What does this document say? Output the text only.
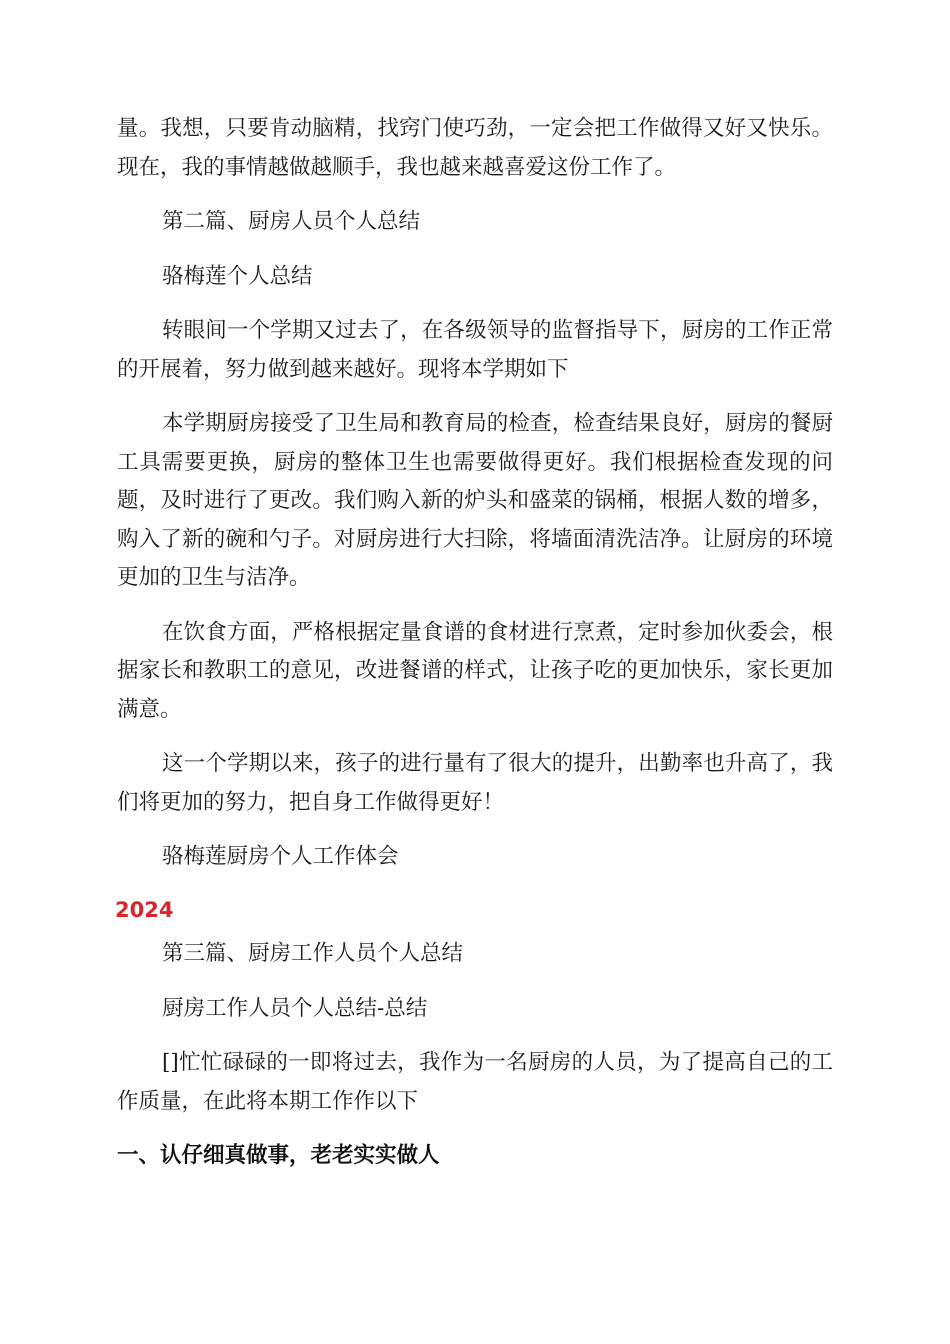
量。我想，只要肯动脑精，找窍门使巧劲，一定会把工作做得又好又快乐。现在，我的事情越做越顺手，我也越来越喜爱这份工作了。

第二篇、厨房人员个人总结

骆梅莲个人总结

转眼间一个学期又过去了，在各级领导的监督指导下，厨房的工作正常的开展着，努力做到越来越好。现将本学期如下

本学期厨房接受了卫生局和教育局的检查，检查结果良好，厨房的餐厨工具需要更换，厨房的整体卫生也需要做得更好。我们根据检查发现的问题，及时进行了更改。我们购入新的炉头和盛菜的锅桶，根据人数的增多，购入了新的碗和勺子。对厨房进行大扫除，将墙面清洗洁净。让厨房的环境更加的卫生与洁净。

在饮食方面，严格根据定量食谱的食材进行烹煮，定时参加伙委会，根据家长和教职工的意见，改进餐谱的样式，让孩子吃的更加快乐，家长更加满意。

这一个学期以来，孩子的进行量有了很大的提升，出勤率也升高了，我们将更加的努力，把自身工作做得更好！

骆梅莲厨房个人工作体会

2024

第三篇、厨房工作人员个人总结

厨房工作人员个人总结-总结

[]忙忙碌碌的一即将过去，我作为一名厨房的人员，为了提高自己的工作质量，在此将本期工作作以下

一、认仔细真做事，老老实实做人
